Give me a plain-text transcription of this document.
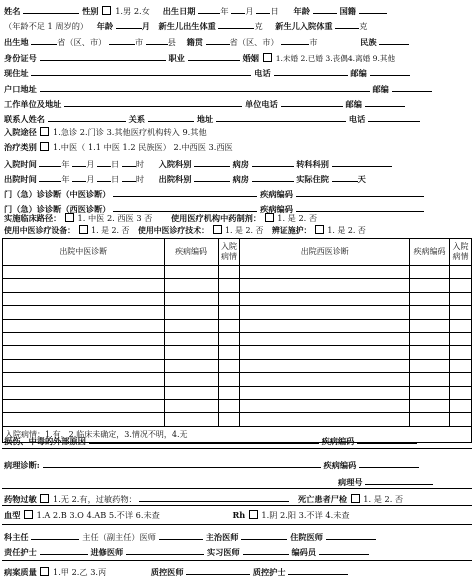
姓名	性别 1.男 2.女 出生日期	年 月 日 年龄	国籍
（年龄不足 1 周岁的） 年龄	月 新生儿出生体重	克 新生儿入院体重	克
出生地	省（区、市）	市	县 籍贯	省（区、市）	市	民族
身份证号	职业	婚姻 1.未婚 2.已婚 3.丧偶4.离婚 9.其他
现住址	电话	邮编
户口地址	邮编
工作单位及地址	单位电话	邮编
联系人姓名	关系	地址	电话
入院途径 1.急诊 2.门诊 3.其他医疗机构转入 9.其他
治疗类别 1.中医（ 1.1 中医 1.2 民族医） 2.中西医 3.西医
入院时间	年 月 日 时 入院科别	病房	转科科别
出院时间	年 月 日 时 出院科别	病房	实际住院	天
门（急）诊诊断（中医诊断）	疾病编码
门（急）诊诊断（西医诊断）	疾病编码
实施临床路径： 1. 中医 2. 西医 3 否 使用医疗机构中药制剂： 1. 是 2. 否
使用中医诊疗设备： 1. 是 2. 否 使用中医诊疗技术： 1. 是 2. 否 辨证施护： 1. 是 2. 否
出院中医诊断	疾病编码	入院病情	出院西医诊断	疾病编码	入院病情

入院病情：1.有，2.临床未确定，3.情况不明，4.无					
损伤、中毒的外部原因	疾病编码
病理诊断:	疾病编码
病理号
药物过敏 1.无 2.有，过敏药物：	死亡患者尸检 1. 是 2. 否
血型 1.A 2.B 3.O 4.AB 5.不详 6.未查	Rh 1.阴 2.阳 3.不详 4.未查
科主任	主任（副主任）医师	主治医师	住院医师
责任护士	进修医师	实习医师	编码员
病案质量 1.甲 2.乙 3.丙	质控医师	质控护士
